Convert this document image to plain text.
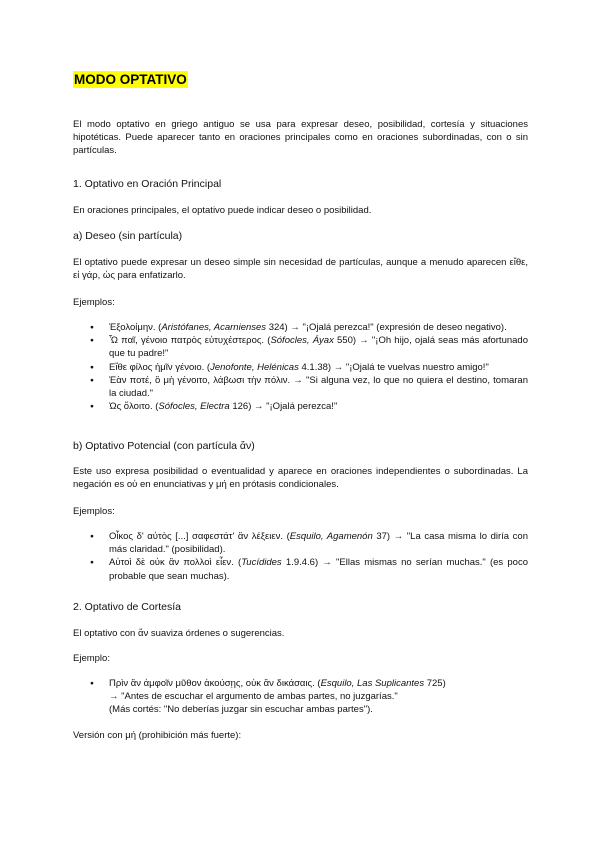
MODO OPTATIVO
El modo optativo en griego antiguo se usa para expresar deseo, posibilidad, cortesía y situaciones hipotéticas. Puede aparecer tanto en oraciones principales como en oraciones subordinadas, con o sin partículas.
1. Optativo en Oración Principal
En oraciones principales, el optativo puede indicar deseo o posibilidad.
a) Deseo (sin partícula)
El optativo puede expresar un deseo simple sin necesidad de partículas, aunque a menudo aparecen εἴθε, εἰ γάρ, ὡς para enfatizarlo.
Ejemplos:
● Ἐξολοίμην. (Aristófanes, Acarnienses 324) → "¡Ojalá perezca!" (expresión de deseo negativo).
● Ὦ παῖ, γένοιο πατρὸς εὐτυχέστερος. (Sófocles, Áyax 550) → "¡Oh hijo, ojalá seas más afortunado que tu padre!"
● Εἴθε φίλος ἡμῖν γένοιο. (Jenofonte, Helénicas 4.1.38) → "¡Ojalá te vuelvas nuestro amigo!"
● Ἐὰν ποτέ, ὃ μὴ γένοιτο, λάβωσι τὴν πόλιν. → "Si alguna vez, lo que no quiera el destino, tomaran la ciudad."
● Ὡς ὄλοιτο. (Sófocles, Electra 126) → "¡Ojalá perezca!"
b) Optativo Potencial (con partícula ἄν)
Este uso expresa posibilidad o eventualidad y aparece en oraciones independientes o subordinadas. La negación es οὐ en enunciativas y μή en prótasis condicionales.
Ejemplos:
● Οἶκος δ' αὐτὸς [...] σαφεστάτ' ἂν λέξειεν. (Esquilo, Agamenón 37) → "La casa misma lo diría con más claridad." (posibilidad).
● Αὐτοὶ δὲ οὐκ ἂν πολλοὶ εἶεν. (Tucídides 1.9.4.6) → "Ellas mismas no serían muchas." (es poco probable que sean muchas).
2. Optativo de Cortesía
El optativo con ἄν suaviza órdenes o sugerencias.
Ejemplo:
● Πρὶν ἂν ἀμφοῖν μῦθον ἀκούσῃς, οὐκ ἂν δικάσαις. (Esquilo, Las Suplicantes 725)
→ "Antes de escuchar el argumento de ambas partes, no juzgarías."
(Más cortés: "No deberías juzgar sin escuchar ambas partes").
Versión con μή (prohibición más fuerte):
